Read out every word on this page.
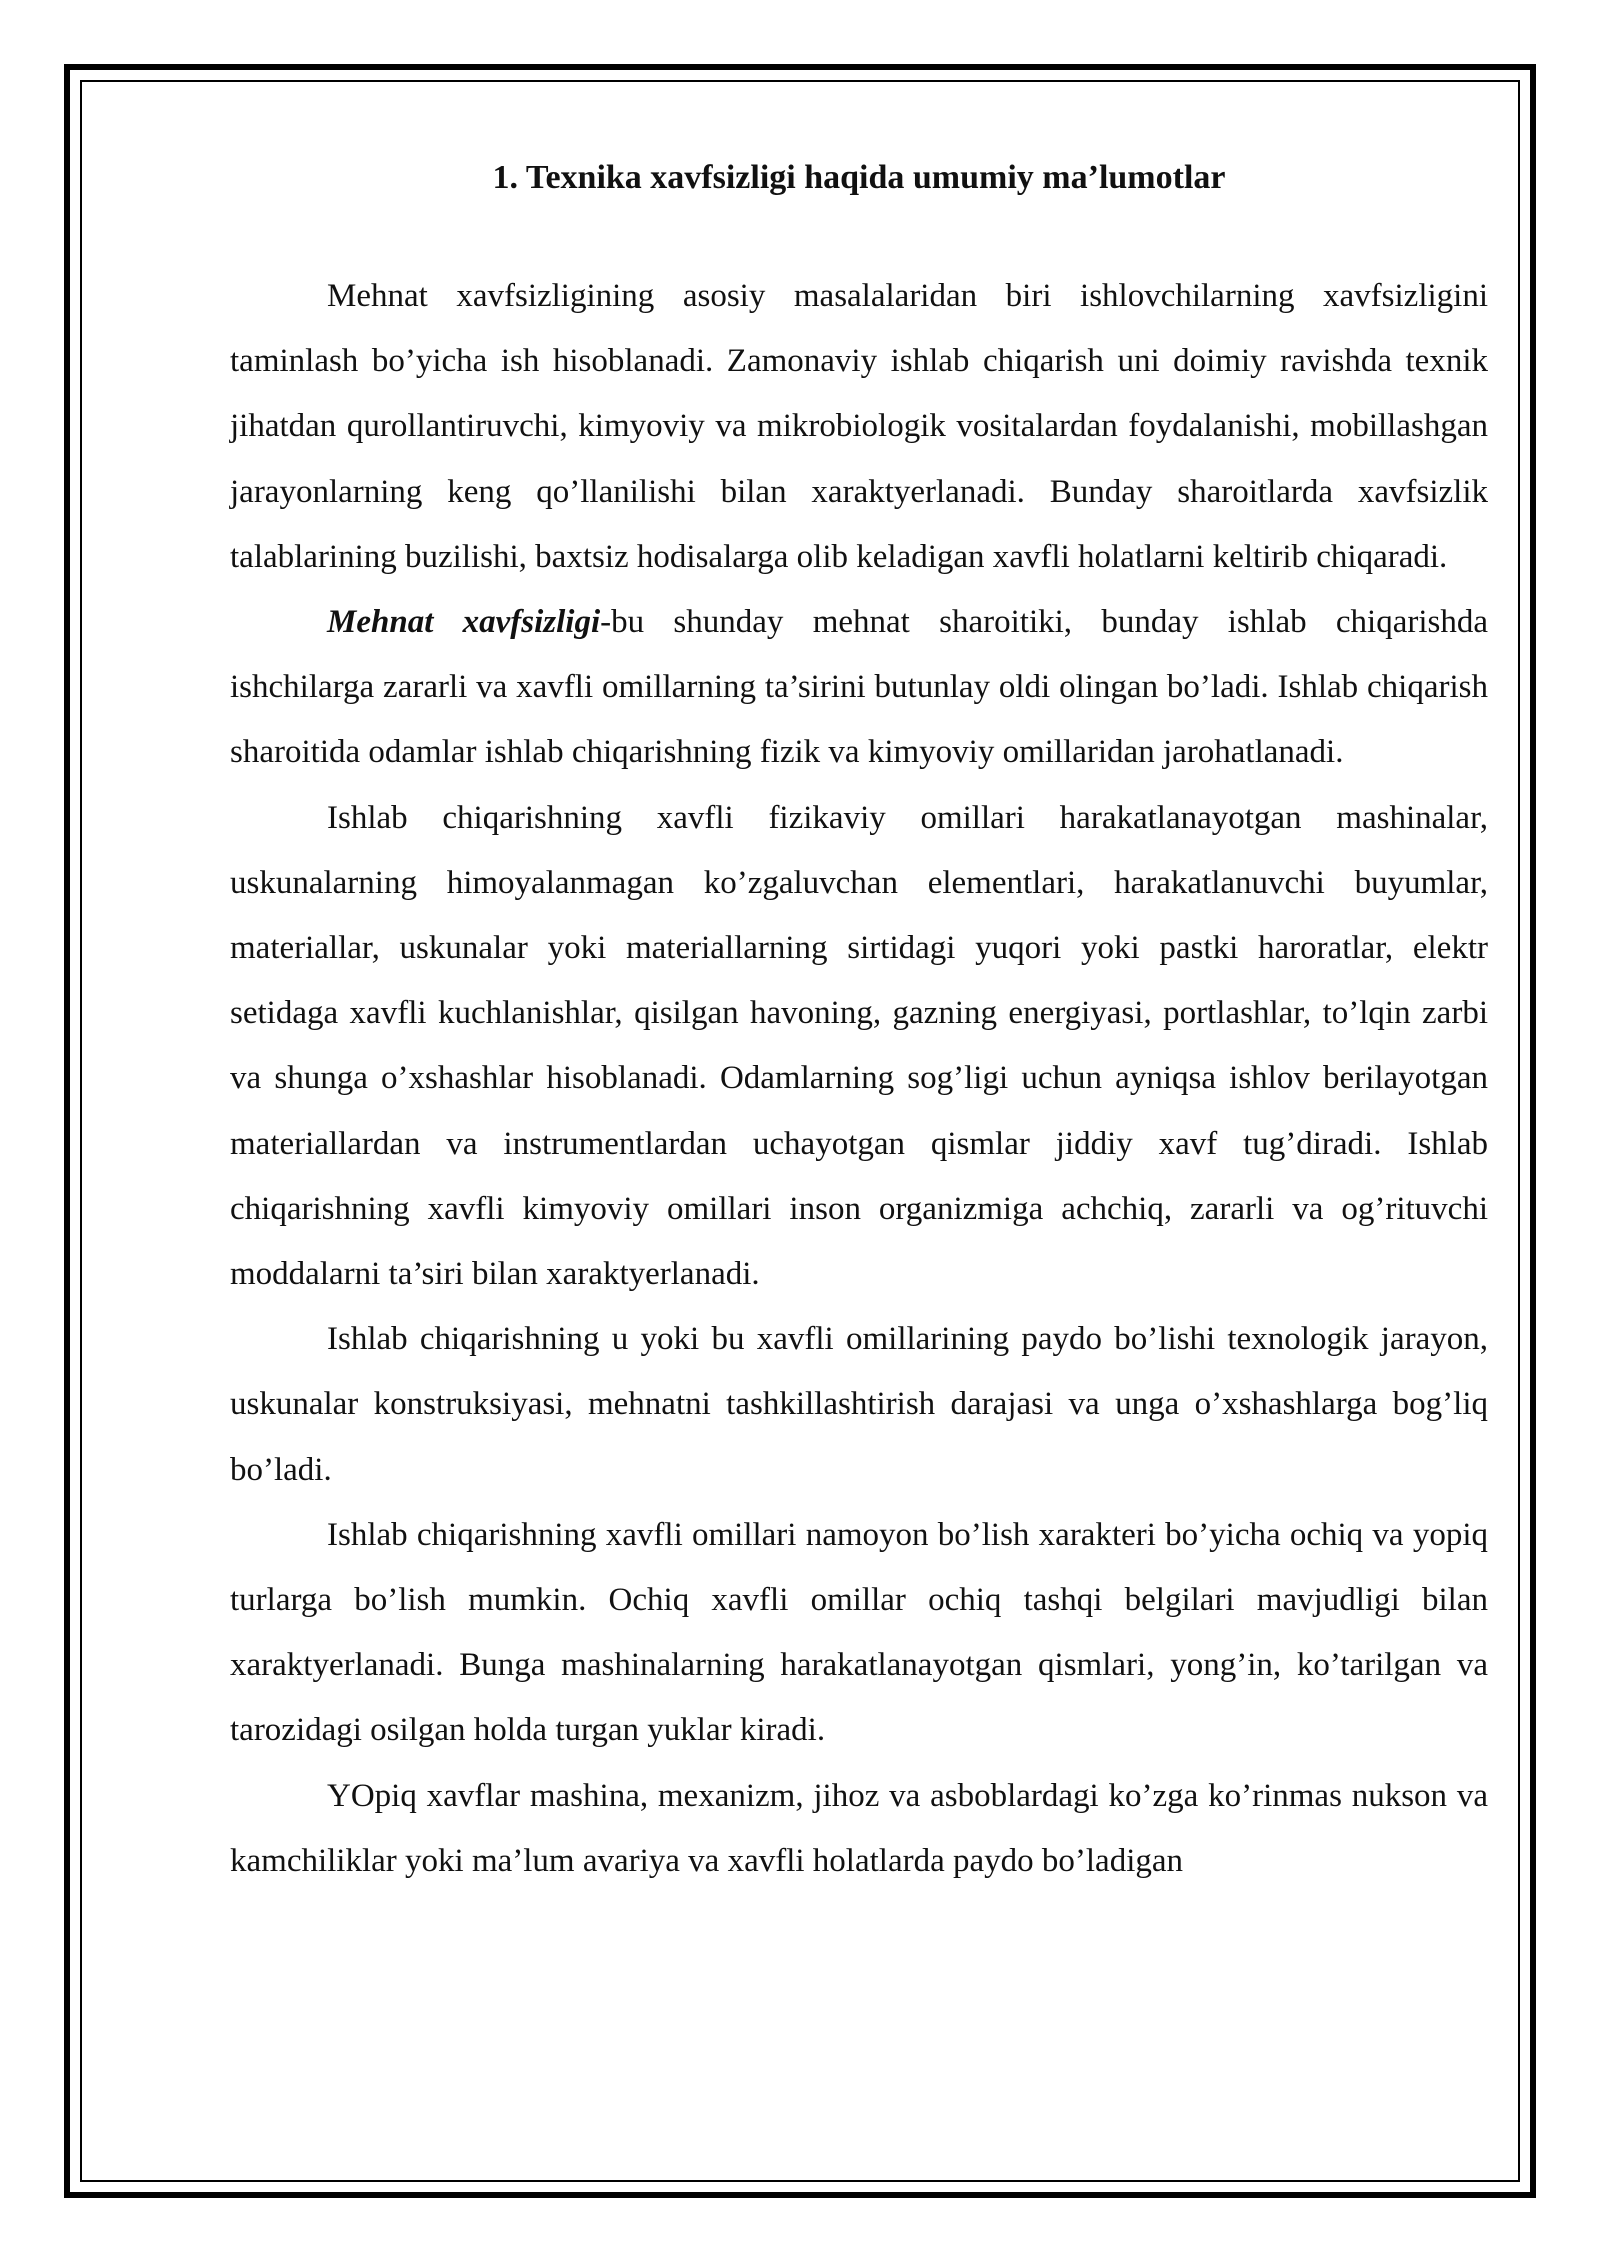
1. Texnika xavfsizligi haqida umumiy ma’lumotlar

Mehnat xavfsizligining asosiy masalalaridan biri ishlovchilarning xavfsizligini taminlash bo’yicha ish hisoblanadi. Zamonaviy ishlab chiqarish uni doimiy ravishda texnik jihatdan qurollantiruvchi, kimyoviy va mikrobiologik vositalardan foydalanishi, mobillashgan jarayonlarning keng qo’llanilishi bilan xaraktyerlanadi. Bunday sharoitlarda xavfsizlik talablarining buzilishi, baxtsiz hodisalarga olib keladigan xavfli holatlarni keltirib chiqaradi.

Mehnat xavfsizligi-bu shunday mehnat sharoitiki, bunday ishlab chiqarishda ishchilarga zararli va xavfli omillarning ta’sirini butunlay oldi olingan bo’ladi. Ishlab chiqarish sharoitida odamlar ishlab chiqarishning fizik va kimyoviy omillaridan jarohatlanadi.

Ishlab chiqarishning xavfli fizikaviy omillari harakatlanayotgan mashinalar, uskunalarning himoyalanmagan ko’zgaluvchan elementlari, harakatlanuvchi buyumlar, materiallar, uskunalar yoki materiallarning sirtidagi yuqori yoki pastki haroratlar, elektr setidaga xavfli kuchlanishlar, qisilgan havoning, gazning energiyasi, portlashlar, to’lqin zarbi va shunga o’xshashlar hisoblanadi. Odamlarning sog’ligi uchun ayniqsa ishlov berilayotgan materiallardan va instrumentlardan uchayotgan qismlar jiddiy xavf tug’diradi. Ishlab chiqarishning xavfli kimyoviy omillari inson organizmiga achchiq, zararli va og’rituvchi moddalarni ta’siri bilan xaraktyerlanadi.

Ishlab chiqarishning u yoki bu xavfli omillarining paydo bo’lishi texnologik jarayon, uskunalar konstruksiyasi, mehnatni tashkillashtirish darajasi va unga o’xshashlarga bog’liq bo’ladi.

Ishlab chiqarishning xavfli omillari namoyon bo’lish xarakteri bo’yicha ochiq va yopiq turlarga bo’lish mumkin. Ochiq xavfli omillar ochiq tashqi belgilari mavjudligi bilan xaraktyerlanadi. Bunga mashinalarning harakatlanayotgan qismlari, yong’in, ko’tarilgan va tarozidagi osilgan holda turgan yuklar kiradi.

YOpiq xavflar mashina, mexanizm, jihoz va asboblardagi ko’zga ko’rinmas nukson va kamchiliklar yoki ma’lum avariya va xavfli holatlarda paydo bo’ladigan
